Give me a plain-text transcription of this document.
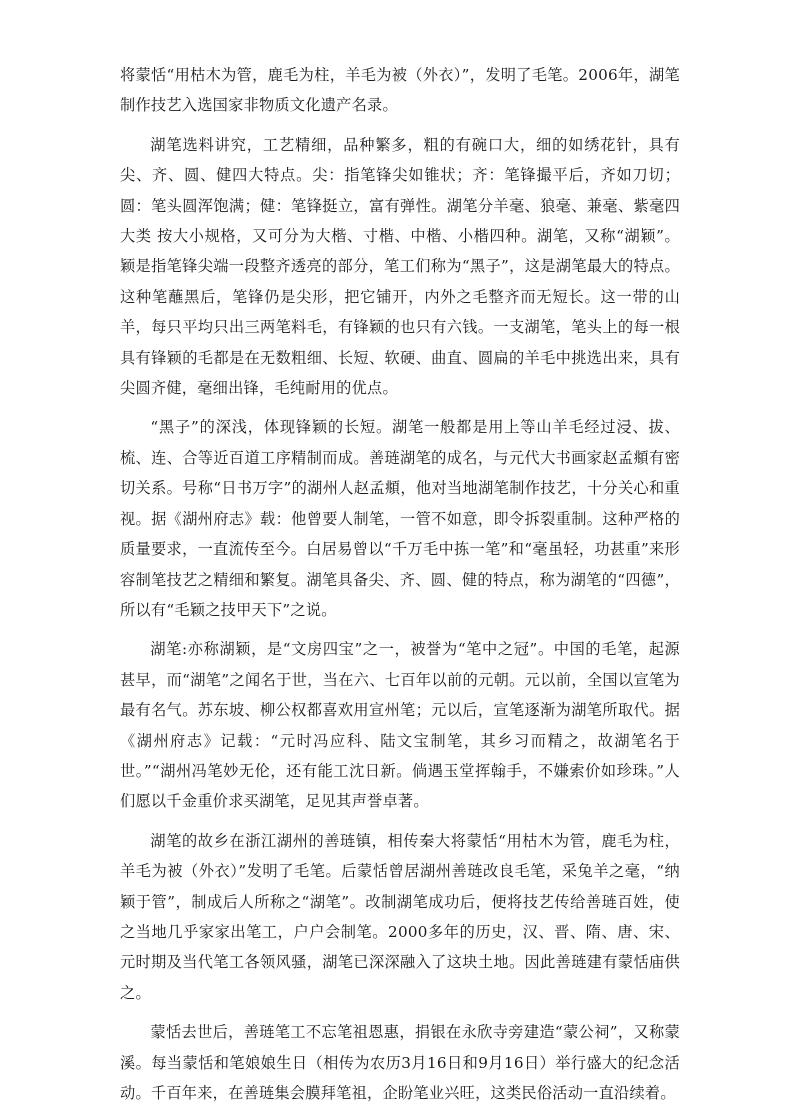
将蒙恬“用枯木为管，鹿毛为柱，羊毛为被（外衣）”，发明了毛笔。2006年，湖笔制作技艺入选国家非物质文化遗产名录。

湖笔选料讲究，工艺精细，品种繁多，粗的有碗口大，细的如绣花针，具有尖、齐、圆、健四大特点。尖：指笔锋尖如锥状；齐：笔锋撮平后，齐如刀切；圆：笔头圆浑饱满；健：笔锋挺立，富有弹性。湖笔分羊毫、狼毫、兼毫、紫毫四大类 按大小规格，又可分为大楷、寸楷、中楷、小楷四种。湖笔，又称“湖颖”。颖是指笔锋尖端一段整齐透亮的部分，笔工们称为“黑子”，这是湖笔最大的特点。这种笔蘸黑后，笔锋仍是尖形，把它铺开，内外之毛整齐而无短长。这一带的山羊，每只平均只出三两笔料毛，有锋颖的也只有六钱。一支湖笔，笔头上的每一根具有锋颖的毛都是在无数粗细、长短、软硬、曲直、圆扁的羊毛中挑选出来，具有尖圆齐健，毫细出锋，毛纯耐用的优点。

“黑子”的深浅，体现锋颖的长短。湖笔一般都是用上等山羊毛经过浸、拔、梳、连、合等近百道工序精制而成。善琏湖笔的成名，与元代大书画家赵孟頫有密切关系。号称“日书万字”的湖州人赵孟頫，他对当地湖笔制作技艺，十分关心和重视。据《湖州府志》载：他曾要人制笔，一管不如意，即令拆裂重制。这种严格的质量要求，一直流传至今。白居易曾以“千万毛中拣一笔”和“毫虽轻，功甚重”来形容制笔技艺之精细和繁复。湖笔具备尖、齐、圆、健的特点，称为湖笔的“四德”，所以有“毛颖之技甲天下”之说。

湖笔:亦称湖颖，是“文房四宝”之一，被誉为“笔中之冠”。中国的毛笔，起源甚早，而“湖笔”之闻名于世，当在六、七百年以前的元朝。元以前，全国以宣笔为最有名气。苏东坡、柳公权都喜欢用宣州笔；元以后，宣笔逐渐为湖笔所取代。据《湖州府志》记载：“元时冯应科、陆文宝制笔，其乡习而精之，故湖笔名于世。”“湖州冯笔妙无伦，还有能工沈日新。倘遇玉堂挥翰手，不嫌索价如珍珠。”人们愿以千金重价求买湖笔，足见其声誉卓著。

湖笔的故乡在浙江湖州的善琏镇，相传秦大将蒙恬“用枯木为管，鹿毛为柱，羊毛为被（外衣）”发明了毛笔。后蒙恬曾居湖州善琏改良毛笔，采兔羊之毫，“纳颖于管”，制成后人所称之“湖笔”。改制湖笔成功后，便将技艺传给善琏百姓，使之当地几乎家家出笔工，户户会制笔。2000多年的历史，汉、晋、隋、唐、宋、元时期及当代笔工各领风骚，湖笔已深深融入了这块土地。因此善琏建有蒙恬庙供之。

蒙恬去世后，善琏笔工不忘笔祖恩惠，捐银在永欣寺旁建造“蒙公祠”，又称蒙溪。每当蒙恬和笔娘娘生日（相传为农历3月16日和9月16日）举行盛大的纪念活动。千百年来，在善琏集会膜拜笔祖，企盼笔业兴旺，这类民俗活动一直沿续着。
